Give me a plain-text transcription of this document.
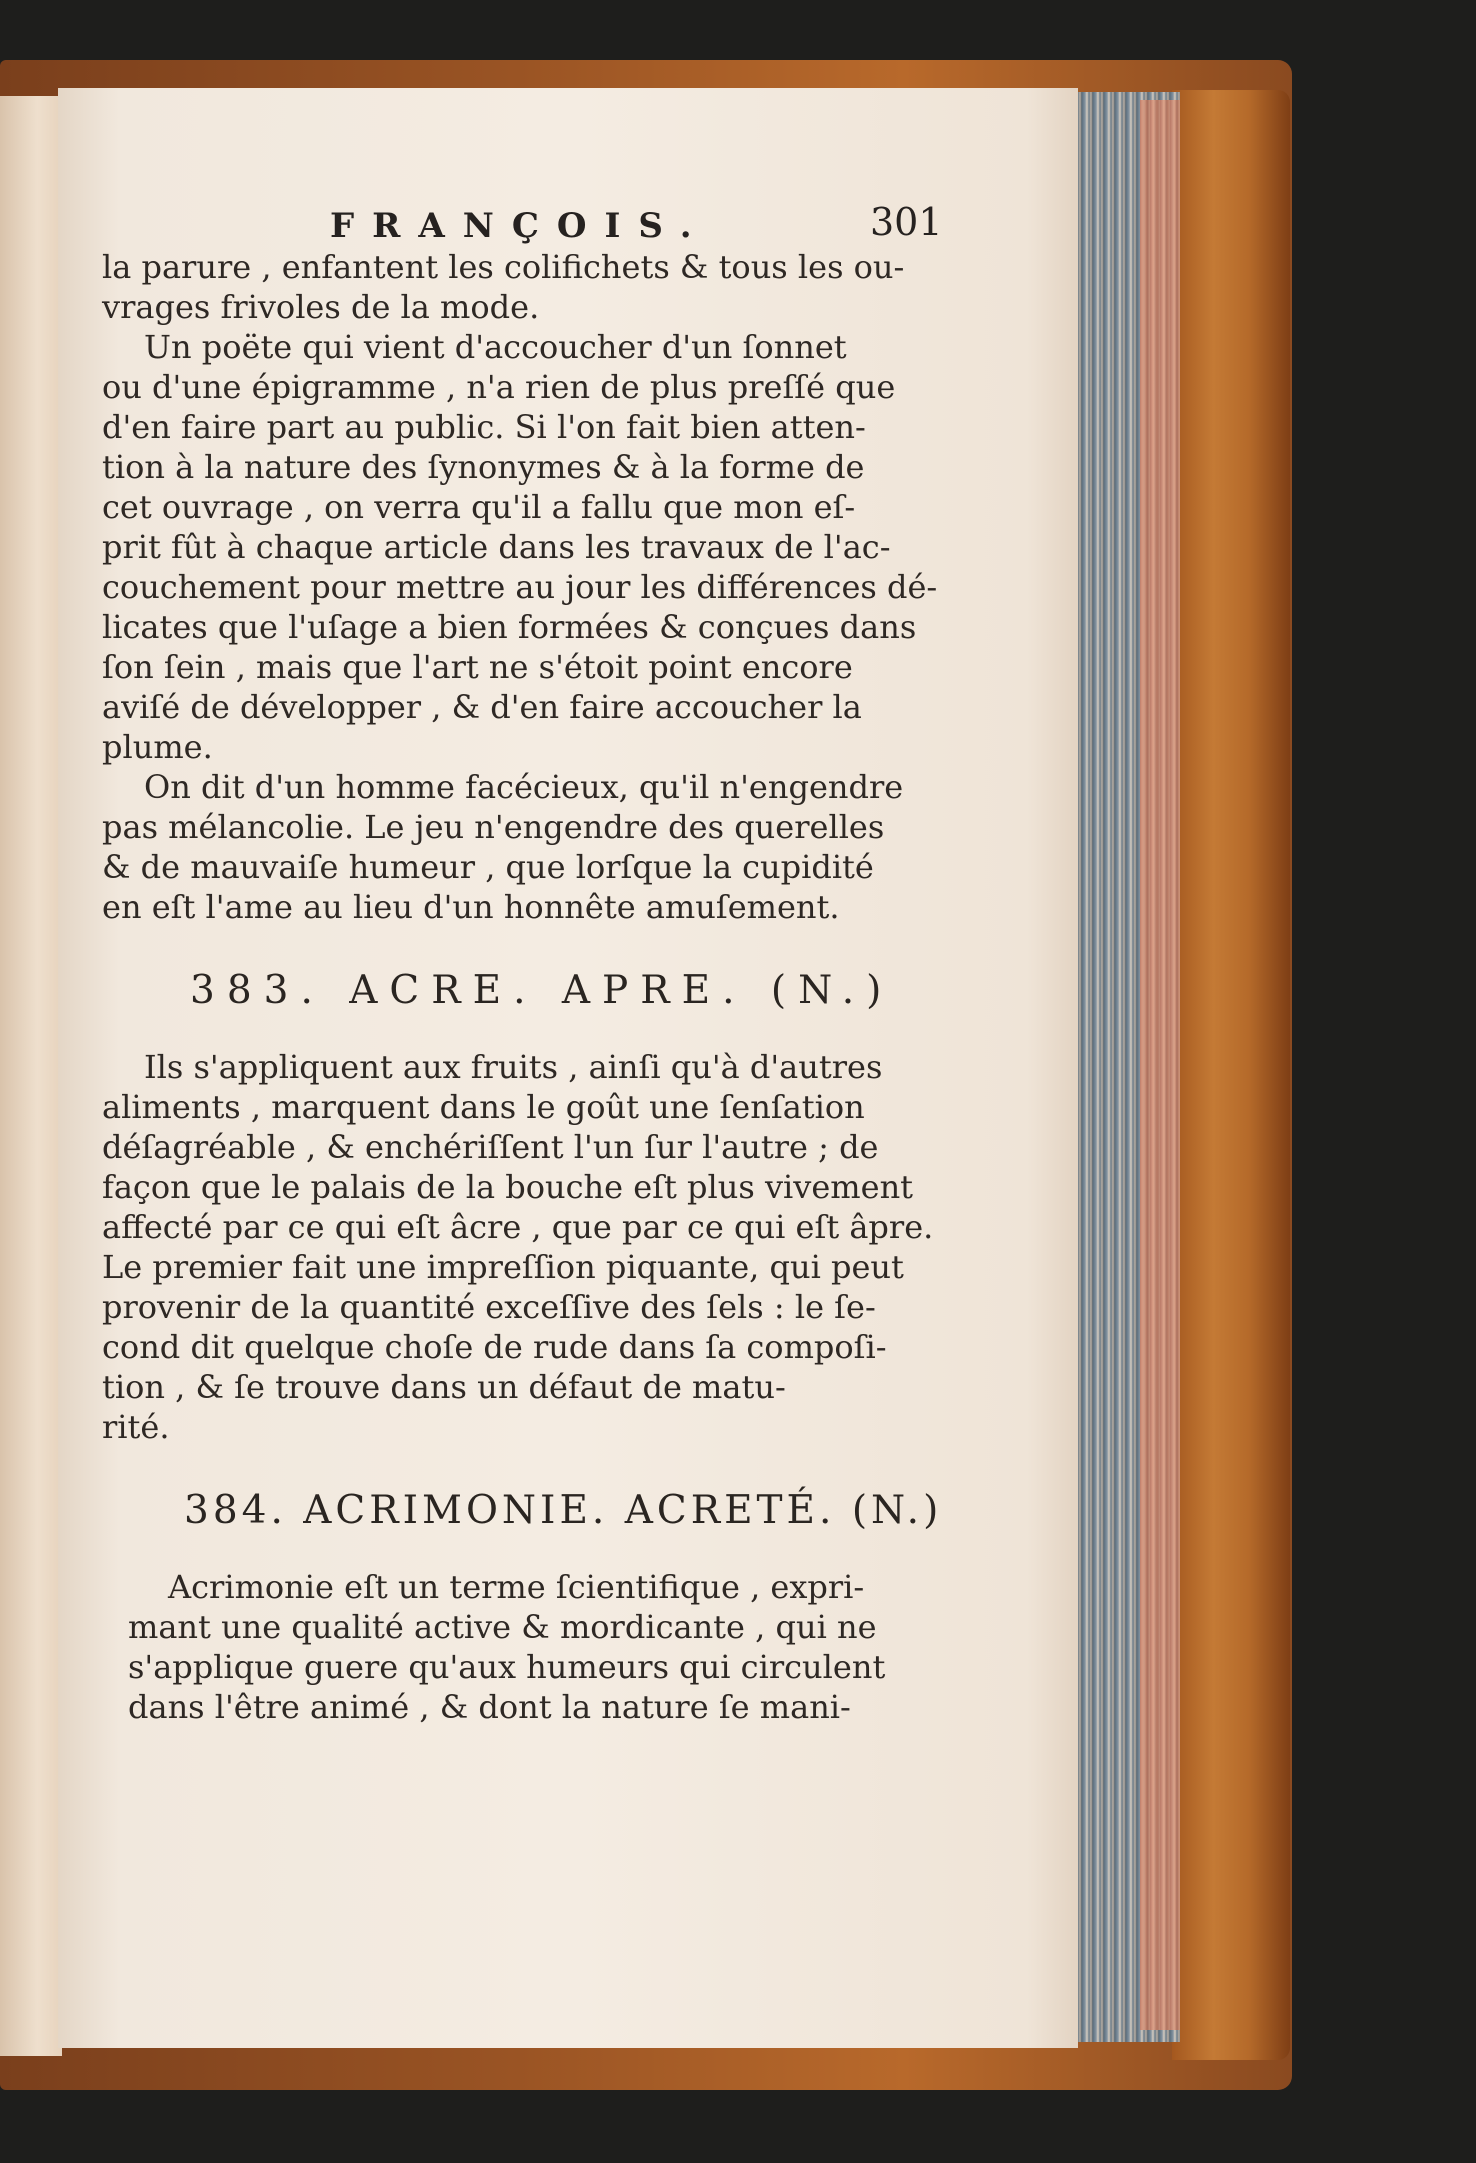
FRANÇOIS.	301
la parure , enfantent les colifichets & tous les ou-
vrages frivoles de la mode.
Un poëte qui vient d'accoucher d'un ſonnet
ou d'une épigramme , n'a rien de plus preſſé que
d'en faire part au public. Si l'on fait bien atten-
tion à la nature des ſynonymes & à la forme de
cet ouvrage , on verra qu'il a fallu que mon eſ-
prit fût à chaque article dans les travaux de l'ac-
couchement pour mettre au jour les différences dé-
licates que l'uſage a bien formées & conçues dans
ſon ſein , mais que l'art ne s'étoit point encore
aviſé de développer , & d'en faire accoucher la
plume.
On dit d'un homme facécieux, qu'il n'engendre
pas mélancolie. Le jeu n'engendre des querelles
& de mauvaiſe humeur , que lorſque la cupidité
en eſt l'ame au lieu d'un honnête amuſement.
383. ACRE. APRE. (N.)
Ils s'appliquent aux fruits , ainſi qu'à d'autres
aliments , marquent dans le goût une ſenſation
déſagréable , & enchériſſent l'un ſur l'autre ; de
façon que le palais de la bouche eſt plus vivement
affecté par ce qui eſt âcre , que par ce qui eſt âpre.
Le premier fait une impreſſion piquante, qui peut
provenir de la quantité exceſſive des ſels : le ſe-
cond dit quelque choſe de rude dans ſa compoſi-
tion , & ſe trouve dans un défaut de matu-
rité.
384. ACRIMONIE. ACRETÉ. (N.)
Acrimonie eſt un terme ſcientifique , expri-
mant une qualité active & mordicante , qui ne
s'applique guere qu'aux humeurs qui circulent
dans l'être animé , & dont la nature ſe mani-
